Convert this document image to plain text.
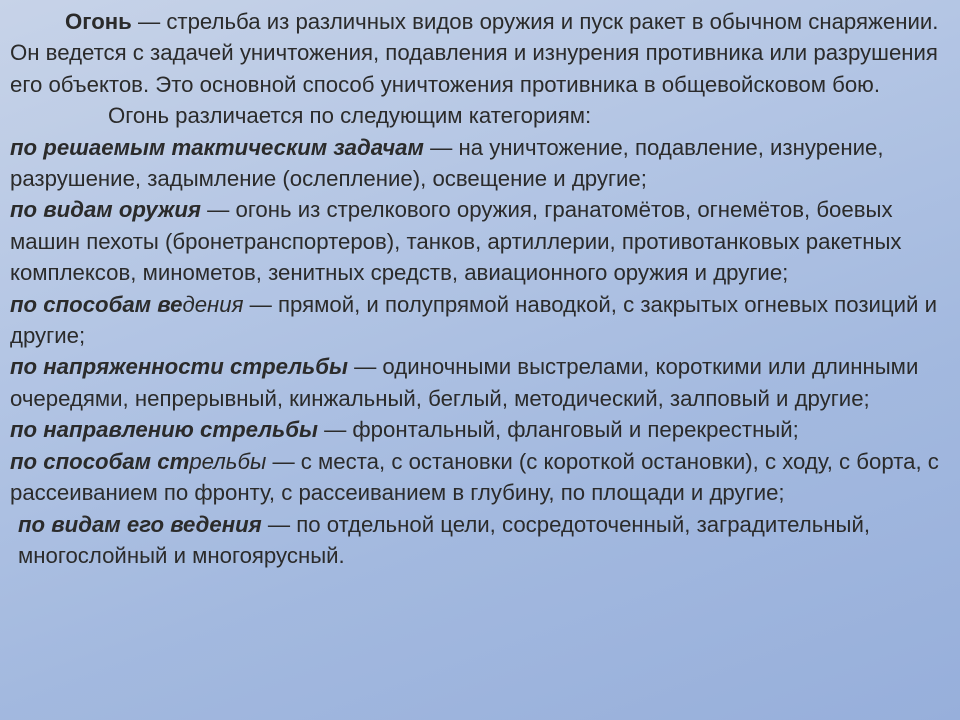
Огонь — стрельба из различных видов оружия и пуск ракет в обычном снаряжении. Он ведется с задачей уничтожения, подавления и изнурения противника или разрушения его объектов. Это основной способ уничтожения противника в общевойсковом бою.

Огонь различается по следующим категориям:

по решаемым тактическим задачам — на уничтожение, подавление, изнурение, разрушение, задымление (ослепление), освещение и другие;

по видам оружия — огонь из стрелкового оружия, гранатомётов, огнемётов, боевых машин пехоты (бронетранспортеров), танков, артиллерии, противотанковых ракетных комплексов, минометов, зенитных средств, авиационного оружия и другие;

по способам ведения — прямой, и полупрямой наводкой, с закрытых огневых позиций и другие;

по напряженности стрельбы — одиночными выстрелами, короткими или длинными очередями, непрерывный, кинжальный, беглый, методический, залповый и другие;

по направлению стрельбы — фронтальный, фланговый и перекрестный;

по способам стрельбы — с места, с остановки (с короткой остановки), с ходу, с борта, с рассеиванием по фронту, с рассеиванием в глубину, по площади и другие;

по видам его ведения — по отдельной цели, сосредоточенный, заградительный, многослойный и многоярусный.
